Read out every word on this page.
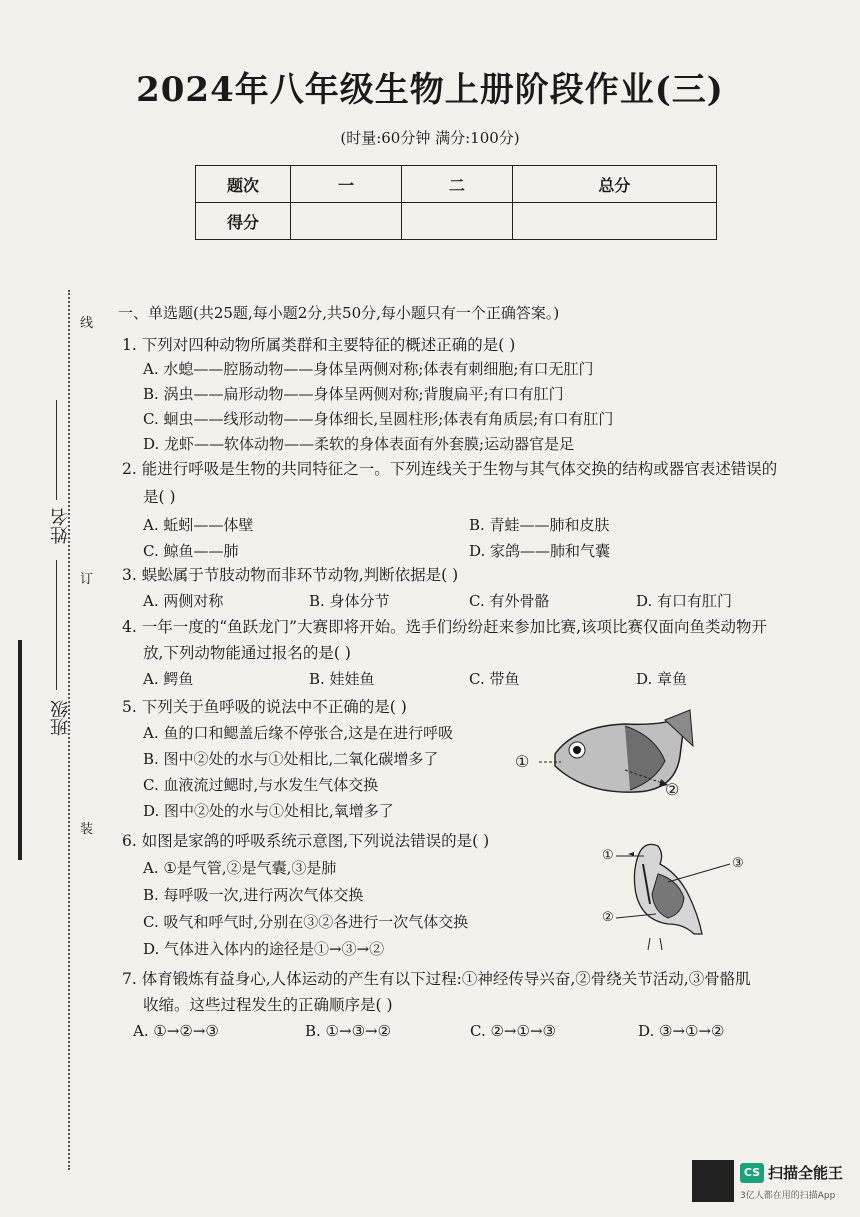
2024年八年级生物上册阶段作业(三)
(时量:60分钟 满分:100分)
题次	一	二	总分
得分			
线
订
装
姓名
班级
一、单选题(共25题,每小题2分,共50分,每小题只有一个正确答案。)
1. 下列对四种动物所属类群和主要特征的概述正确的是( )
A. 水螅——腔肠动物——身体呈两侧对称;体表有刺细胞;有口无肛门
B. 涡虫——扁形动物——身体呈两侧对称;背腹扁平;有口有肛门
C. 蛔虫——线形动物——身体细长,呈圆柱形;体表有角质层;有口有肛门
D. 龙虾——软体动物——柔软的身体表面有外套膜;运动器官是足
2. 能进行呼吸是生物的共同特征之一。下列连线关于生物与其气体交换的结构或器官表述错误的
是( )
A. 蚯蚓——体壁	B. 青蛙——肺和皮肤
C. 鲸鱼——肺	D. 家鸽——肺和气囊
3. 蜈蚣属于节肢动物而非环节动物,判断依据是( )
A. 两侧对称	B. 身体分节	C. 有外骨骼	D. 有口有肛门
4. 一年一度的“鱼跃龙门”大赛即将开始。选手们纷纷赶来参加比赛,该项比赛仅面向鱼类动物开
放,下列动物能通过报名的是( )
A. 鳄鱼	B. 娃娃鱼	C. 带鱼	D. 章鱼
5. 下列关于鱼呼吸的说法中不正确的是( )
A. 鱼的口和鳃盖后缘不停张合,这是在进行呼吸
B. 图中②处的水与①处相比,二氧化碳增多了
C. 血液流过鳃时,与水发生气体交换
D. 图中②处的水与①处相比,氧增多了
①
②
6. 如图是家鸽的呼吸系统示意图,下列说法错误的是( )
A. ①是气管,②是气囊,③是肺
B. 每呼吸一次,进行两次气体交换
C. 吸气和呼气时,分别在③②各进行一次气体交换
D. 气体进入体内的途径是①→③→②
①
③
②
7. 体育锻炼有益身心,人体运动的产生有以下过程:①神经传导兴奋,②骨绕关节活动,③骨骼肌
收缩。这些过程发生的正确顺序是( )
A. ①→②→③	B. ①→③→②	C. ②→①→③	D. ③→①→②
CS 扫描全能王
3亿人都在用的扫描App
